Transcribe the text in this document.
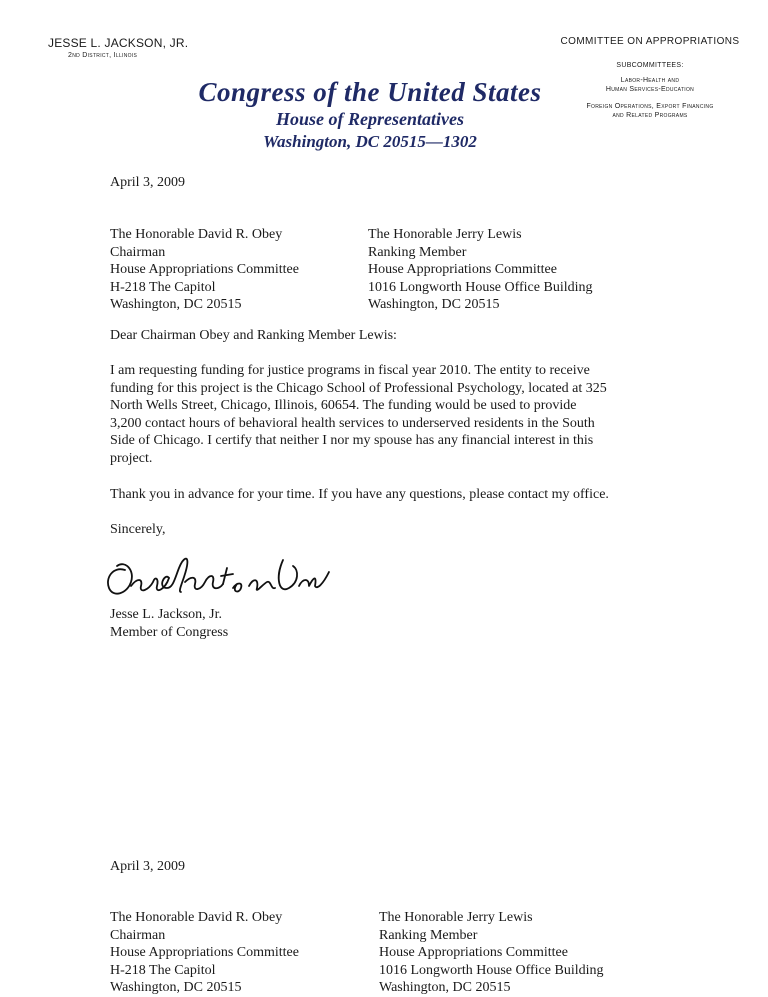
JESSE L. JACKSON, JR.
2nd District, Illinois
COMMITTEE ON APPROPRIATIONS
SUBCOMMITTEES:
Labor-Health and
Human Services-Education
Foreign Operations, Export Financing
and Related Programs
Congress of the United States
House of Representatives
Washington, DC 20515—1302
April 3, 2009
The Honorable David R. Obey
Chairman
House Appropriations Committee
H-218 The Capitol
Washington, DC 20515
The Honorable Jerry Lewis
Ranking Member
House Appropriations Committee
1016 Longworth House Office Building
Washington, DC 20515
Dear Chairman Obey and Ranking Member Lewis:
I am requesting funding for justice programs in fiscal year 2010. The entity to receive
funding for this project is the Chicago School of Professional Psychology, located at 325
North Wells Street, Chicago, Illinois, 60654. The funding would be used to provide
3,200 contact hours of behavioral health services to underserved residents in the South
Side of Chicago. I certify that neither I nor my spouse has any financial interest in this
project.
Thank you in advance for your time. If you have any questions, please contact my office.
Sincerely,
Jesse L. Jackson, Jr.
Member of Congress
April 3, 2009
The Honorable David R. Obey
Chairman
House Appropriations Committee
H-218 The Capitol
Washington, DC 20515
The Honorable Jerry Lewis
Ranking Member
House Appropriations Committee
1016 Longworth House Office Building
Washington, DC 20515
